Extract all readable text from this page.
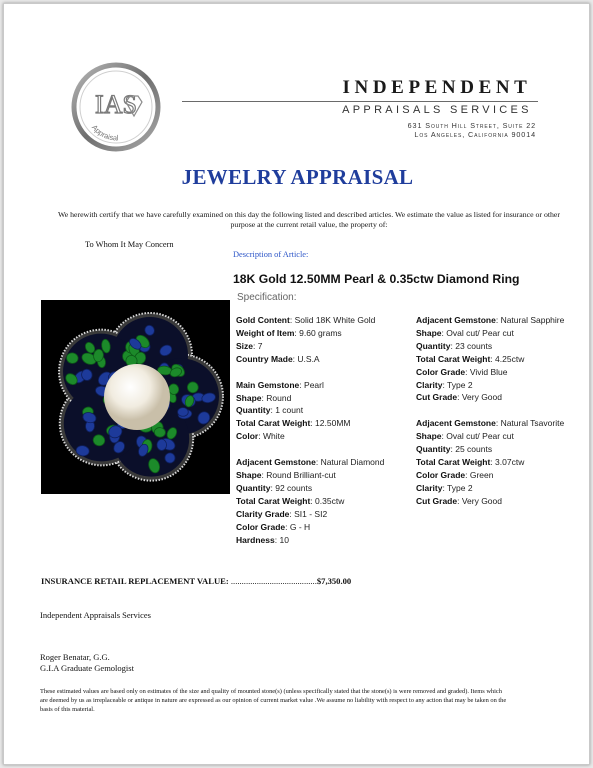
IAS
Appraisal
INDEPENDENT
APPRAISALS SERVICES
631 South Hill Street, Suite 22
Los Angeles, California 90014
JEWELRY APPRAISAL
We herewith certify that we have carefully examined on this day the following listed and described articles. We estimate the value as listed for insurance or other purpose at the current retail value, the property of:
To Whom It May Concern
Description of Article:
18K Gold 12.50MM Pearl & 0.35ctw Diamond Ring
Specification:
Gold Content: Solid 18K White Gold
Weight of Item: 9.60 grams
Size: 7
Country Made: U.S.A
Main Gemstone: Pearl
Shape: Round
Quantity: 1 count
Total Carat Weight: 12.50MM
Color: White
Adjacent Gemstone: Natural Diamond
Shape: Round Brilliant-cut
Quantity: 92 counts
Total Carat Weight: 0.35ctw
Clarity Grade: SI1 - SI2
Color Grade: G - H
Hardness: 10
Adjacent Gemstone: Natural Sapphire
Shape: Oval cut/ Pear cut
Quantity: 23 counts
Total Carat Weight: 4.25ctw
Color Grade: Vivid Blue
Clarity: Type 2
Cut Grade: Very Good
Adjacent Gemstone: Natural Tsavorite
Shape: Oval cut/ Pear cut
Quantity: 25 counts
Total Carat Weight: 3.07ctw
Color Grade: Green
Clarity: Type 2
Cut Grade: Very Good
INSURANCE RETAIL REPLACEMENT VALUE: ........................................$7,350.00
Independent Appraisals Services
Roger Benatar, G.G.
G.I.A Graduate Gemologist
These estimated values are based only on estimates of the size and quality of mounted stone(s) (unless specifically stated that the stone(s) is were removed and graded). Items which are deemed by us as irreplaceable or antique in nature are expressed as our opinion of current market value .We assume no liability with respect to any action that may be taken on the basis of this material.
